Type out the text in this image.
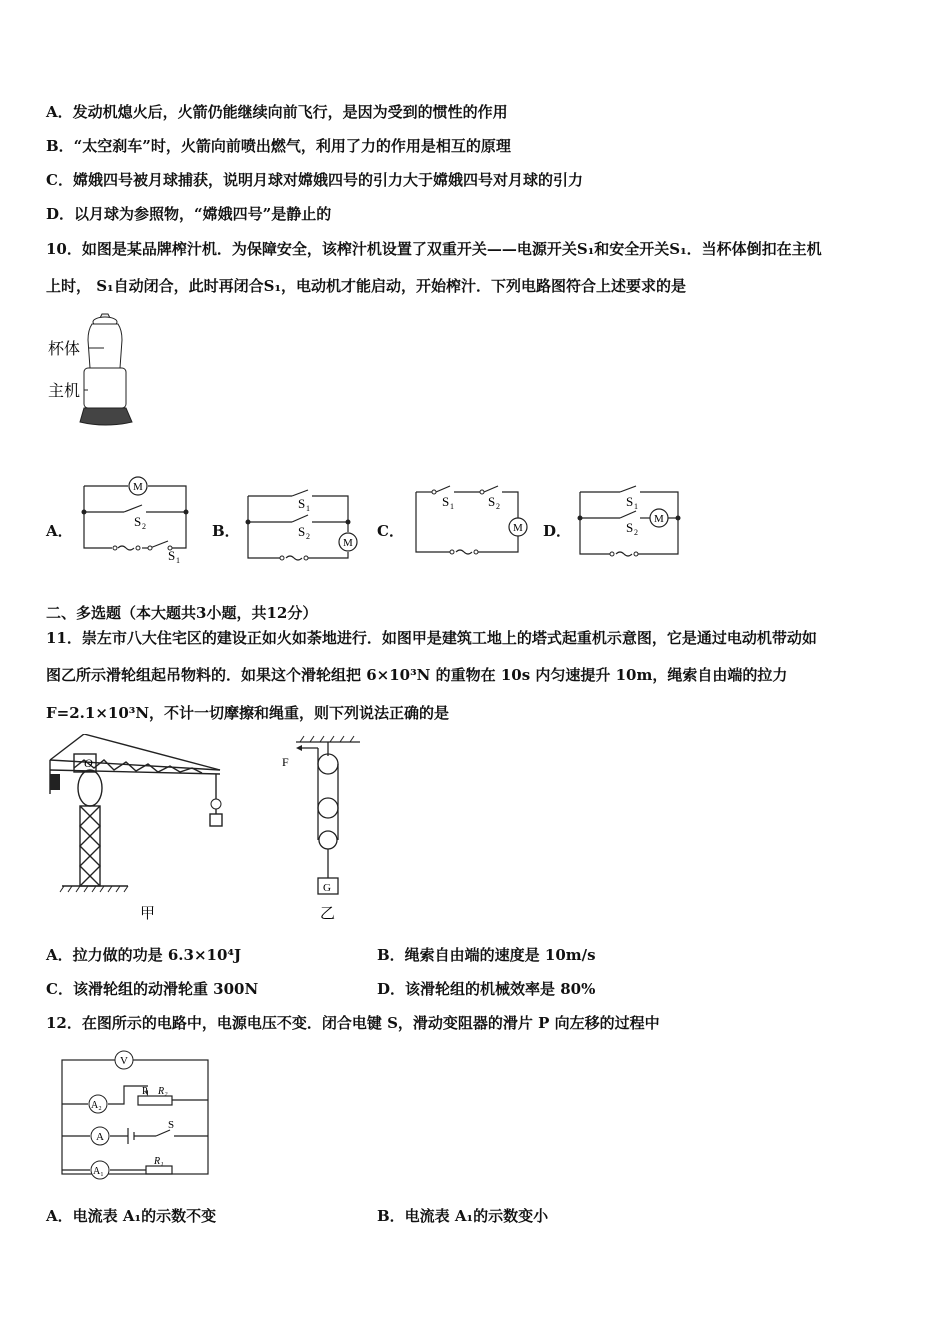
A．发动机熄火后，火箭仍能继续向前飞行，是因为受到的惯性的作用
B．“太空刹车”时，火箭向前喷出燃气，利用了力的作用是相互的原理
C．嫦娥四号被月球捕获，说明月球对嫦娥四号的引力大于嫦娥四号对月球的引力
D．以月球为参照物，“嫦娥四号”是静止的
10．如图是某品牌榨汁机．为保障安全，该榨汁机设置了双重开关——电源开关S₁和安全开关S₁．当杯体倒扣在主机
上时， S₁自动闭合，此时再闭合S₁，电动机才能启动，开始榨汁．下列电路图符合上述要求的是
杯体
主机
A．
M
S 2
S 1
B．
S 1
S 2
M
C．
S 1	S 2
M D．
S 1
S 2
M
二、多选题（本大题共3小题，共12分）
11．崇左市八大住宅区的建设正如火如荼地进行．如图甲是建筑工地上的塔式起重机示意图，它是通过电动机带动如
图乙所示滑轮组起吊物料的．如果这个滑轮组把 6×10³N 的重物在 10s 内匀速提升 10m，绳索自由端的拉力
F=2.1×10³N，不计一切摩擦和绳重，则下列说法正确的是
O
甲
F
G
乙
A．拉力做的功是 6.3×10⁴J	B．绳索自由端的速度是 10m/s
C．该滑轮组的动滑轮重 300N	D．该滑轮组的机械效率是 80%
12．在图所示的电路中，电源电压不变．闭合电键 S，滑动变阻器的滑片 P 向左移的过程中
V
A₂
A
A₁
P R₂
R₁
S
A．电流表 A₁的示数不变	B．电流表 A₁的示数变小
